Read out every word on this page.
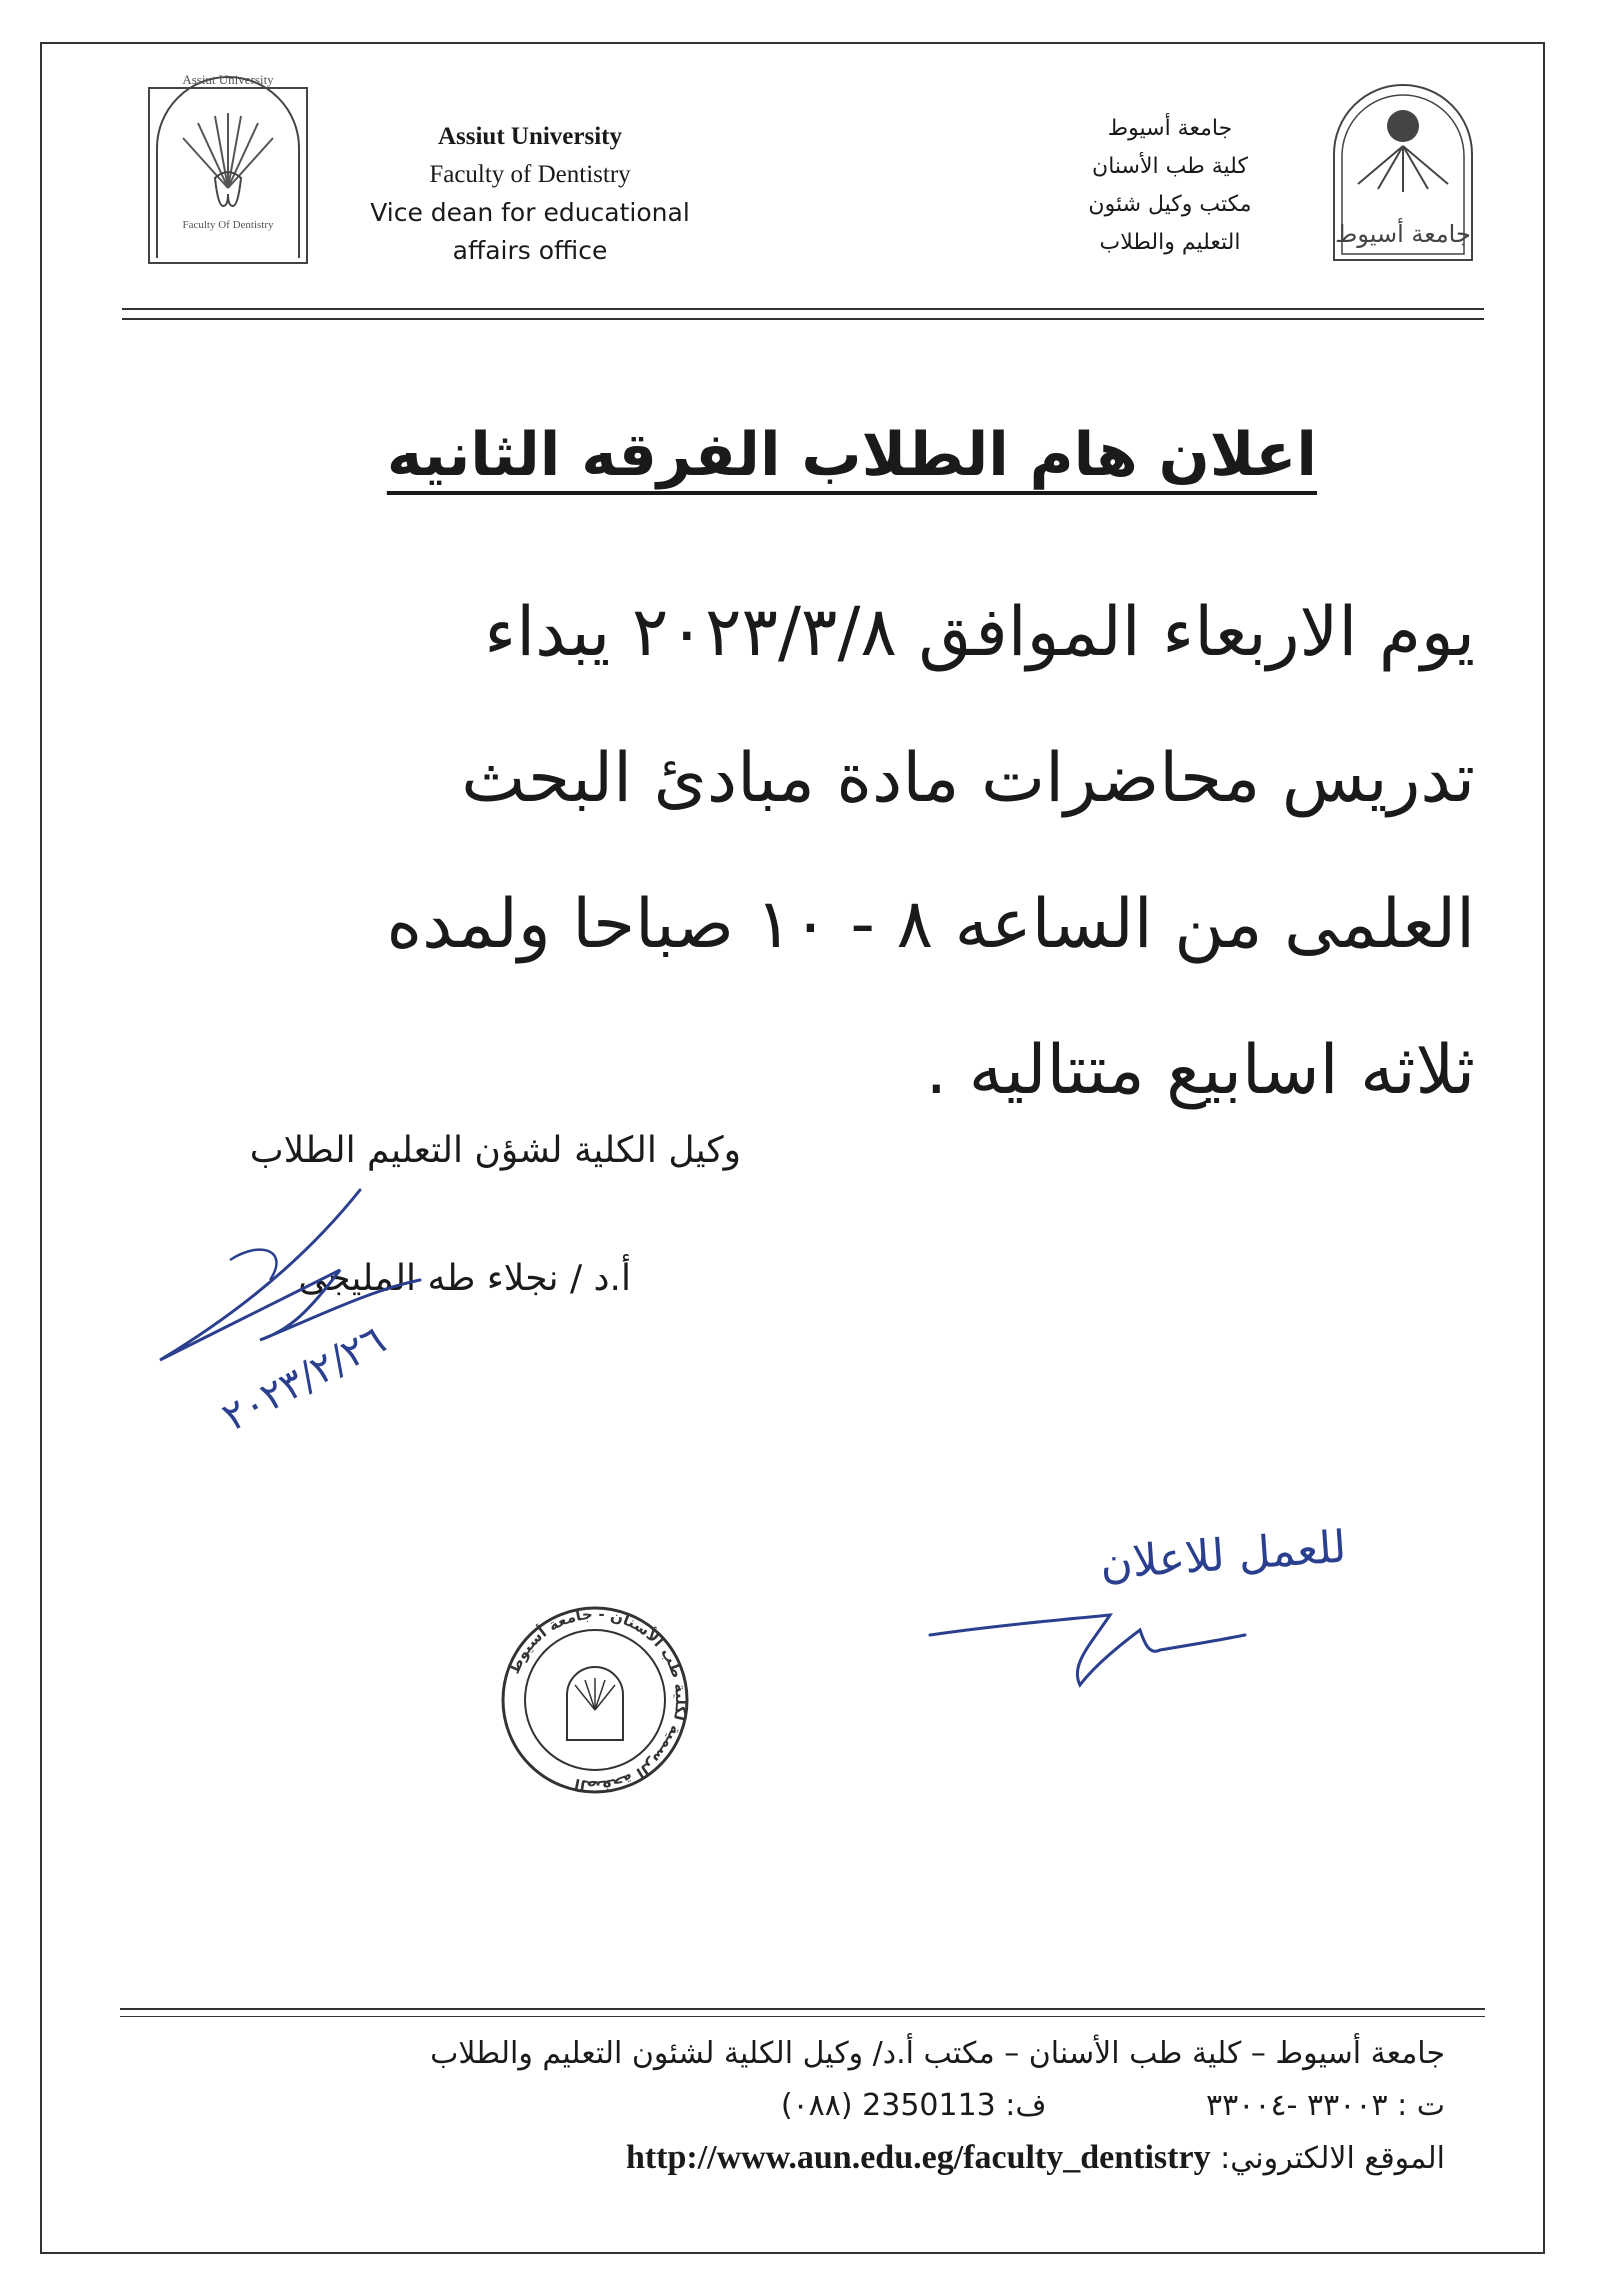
Assiut University
Faculty Of Dentistry
Assiut University
Faculty of Dentistry
Vice dean for educational
affairs office
جامعة أسيوط
كلية طب الأسنان
مكتب وكيل شئون
التعليم والطلاب	جامعة أسيوط
اعلان هام الطلاب الفرقه الثانيه
يوم الاربعاء الموافق ٢٠٢٣/٣/٨ يبداء
تدريس محاضرات مادة مبادئ البحث
العلمى من الساعه ٨ - ١٠ صباحا ولمده
ثلاثه اسابيع متتاليه .
وكيل الكلية لشؤن التعليم الطلاب
أ.د / نجلاء طه المليجى
٢٠٢٣/٢/٢٦
للعمل للاعلان
الصفحة الرسمية لكلية طب الأسنان - جامعة أسيوط
جامعة أسيوط – كلية طب الأسنان – مكتب أ.د/ وكيل الكلية لشئون التعليم والطلاب
ت : ٣٣٠٠٣ -٣٣٠٠٤ ف: 2350113 (٠٨٨)
الموقع الالكتروني: http://www.aun.edu.eg/faculty_dentistry
